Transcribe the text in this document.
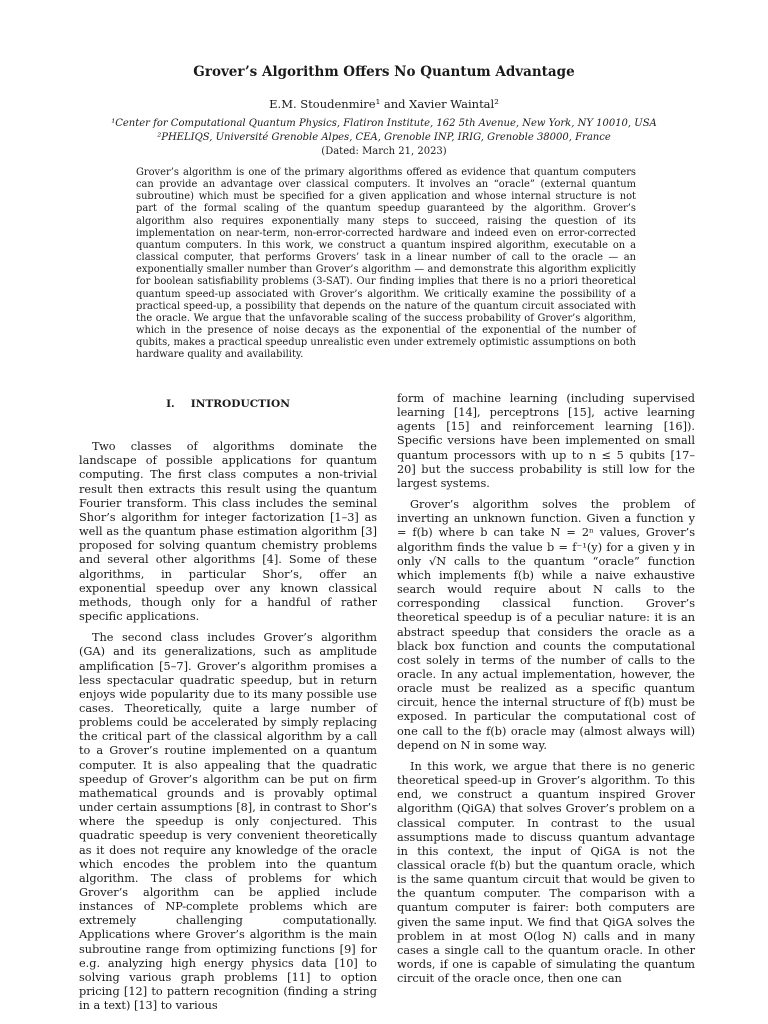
Grover’s Algorithm Offers No Quantum Advantage
E.M. Stoudenmire¹ and Xavier Waintal²
¹Center for Computational Quantum Physics, Flatiron Institute, 162 5th Avenue, New York, NY 10010, USA
²PHELIQS, Université Grenoble Alpes, CEA, Grenoble INP, IRIG, Grenoble 38000, France
(Dated: March 21, 2023)
Grover’s algorithm is one of the primary algorithms offered as evidence that quantum computers can provide an advantage over classical computers. It involves an “oracle” (external quantum subroutine) which must be specified for a given application and whose internal structure is not part of the formal scaling of the quantum speedup guaranteed by the algorithm. Grover’s algorithm also requires exponentially many steps to succeed, raising the question of its implementation on near-term, non-error-corrected hardware and indeed even on error-corrected quantum computers. In this work, we construct a quantum inspired algorithm, executable on a classical computer, that performs Grovers’ task in a linear number of call to the oracle — an exponentially smaller number than Grover’s algorithm — and demonstrate this algorithm explicitly for boolean satisfiability problems (3-SAT). Our finding implies that there is no a priori theoretical quantum speed-up associated with Grover’s algorithm. We critically examine the possibility of a practical speed-up, a possibility that depends on the nature of the quantum circuit associated with the oracle. We argue that the unfavorable scaling of the success probability of Grover’s algorithm, which in the presence of noise decays as the exponential of the exponential of the number of qubits, makes a practical speedup unrealistic even under extremely optimistic assumptions on both hardware quality and availability.
I. INTRODUCTION

Two classes of algorithms dominate the landscape of possible applications for quantum computing. The first class computes a non-trivial result then extracts this result using the quantum Fourier transform. This class includes the seminal Shor’s algorithm for integer factorization [1–3] as well as the quantum phase estimation algorithm [3] proposed for solving quantum chemistry problems and several other algorithms [4]. Some of these algorithms, in particular Shor’s, offer an exponential speedup over any known classical methods, though only for a handful of rather specific applications.

The second class includes Grover’s algorithm (GA) and its generalizations, such as amplitude amplification [5–7]. Grover’s algorithm promises a less spectacular quadratic speedup, but in return enjoys wide popularity due to its many possible use cases. Theoretically, quite a large number of problems could be accelerated by simply replacing the critical part of the classical algorithm by a call to a Grover’s routine implemented on a quantum computer. It is also appealing that the quadratic speedup of Grover’s algorithm can be put on firm mathematical grounds and is provably optimal under certain assumptions [8], in contrast to Shor’s where the speedup is only conjectured. This quadratic speedup is very convenient theoretically as it does not require any knowledge of the oracle which encodes the problem into the quantum algorithm. The class of problems for which Grover’s algorithm can be applied include instances of NP-complete problems which are extremely challenging computationally. Applications where Grover’s algorithm is the main subroutine range from optimizing functions [9] for e.g. analyzing high energy physics data [10] to solving various graph problems [11] to option pricing [12] to pattern recognition (finding a string in a text) [13] to various

form of machine learning (including supervised learning [14], perceptrons [15], active learning agents [15] and reinforcement learning [16]). Specific versions have been implemented on small quantum processors with up to n ≤ 5 qubits [17–20] but the success probability is still low for the largest systems.

Grover’s algorithm solves the problem of inverting an unknown function. Given a function y = f(b) where b can take N = 2ⁿ values, Grover’s algorithm finds the value b = f⁻¹(y) for a given y in only √N calls to the quantum “oracle” function which implements f(b) while a naive exhaustive search would require about N calls to the corresponding classical function. Grover’s theoretical speedup is of a peculiar nature: it is an abstract speedup that considers the oracle as a black box function and counts the computational cost solely in terms of the number of calls to the oracle. In any actual implementation, however, the oracle must be realized as a specific quantum circuit, hence the internal structure of f(b) must be exposed. In particular the computational cost of one call to the f(b) oracle may (almost always will) depend on N in some way.

In this work, we argue that there is no generic theoretical speed-up in Grover’s algorithm. To this end, we construct a quantum inspired Grover algorithm (QiGA) that solves Grover’s problem on a classical computer. In contrast to the usual assumptions made to discuss quantum advantage in this context, the input of QiGA is not the classical oracle f(b) but the quantum oracle, which is the same quantum circuit that would be given to the quantum computer. The comparison with a quantum computer is fairer: both computers are given the same input. We find that QiGA solves the problem in at most O(log N) calls and in many cases a single call to the quantum oracle. In other words, if one is capable of simulating the quantum circuit of the oracle once, then one can
